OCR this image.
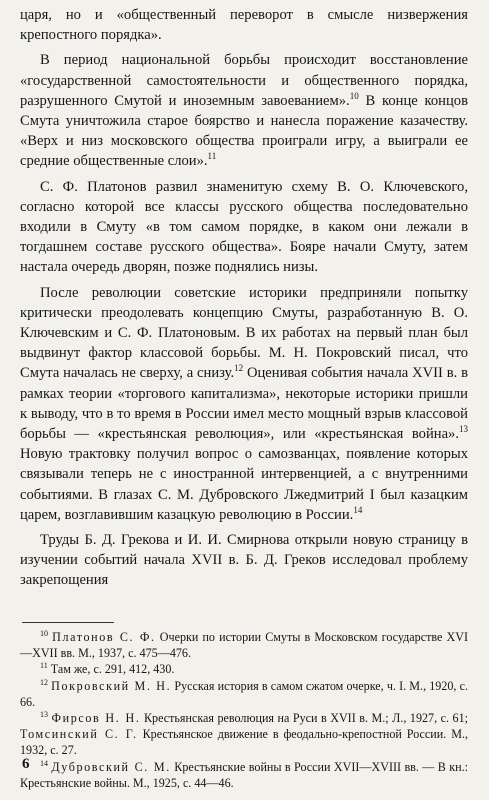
царя, но и «общественный переворот в смысле низвержения крепостного порядка».

В период национальной борьбы происходит восстановление «государственной самостоятельности и общественного порядка, разрушенного Смутой и иноземным завоеванием».$^{10}$ В конце концов Смута уничтожила старое боярство и нанесла поражение казачеству. «Верх и низ московского общества проиграли игру, а выиграли ее средние общественные слои».$^{11}$

С. Ф. Платонов развил знаменитую схему В. О. Ключевского, согласно которой все классы русского общества последовательно входили в Смуту «в том самом порядке, в каком они лежали в тогдашнем составе русского общества». Бояре начали Смуту, затем настала очередь дворян, позже поднялись низы.

После революции советские историки предприняли попытку критически преодолевать концепцию Смуты, разработанную В. О. Ключевским и С. Ф. Платоновым. В их работах на первый план был выдвинут фактор классовой борьбы. М. Н. Покровский писал, что Смута началась не сверху, а снизу.$^{12}$ Оценивая события начала XVII в. в рамках теории «торгового капитализма», некоторые историки пришли к выводу, что в то время в России имел место мощный взрыв классовой борьбы — «крестьянская революция», или «крестьянская война».$^{13}$ Новую трактовку получил вопрос о самозванцах, появление которых связывали теперь не с иностранной интервенцией, а с внутренними событиями. В глазах С. М. Дубровского Лжедмитрий I был казацким царем, возглавившим казацкую революцию в России.$^{14}$

Труды Б. Д. Грекова и И. И. Смирнова открыли новую страницу в изучении событий начала XVII в. Б. Д. Греков исследовал проблему закрепощения

$^{10}$ Платонов С. Ф. Очерки по истории Смуты в Московском государстве XVI—XVII вв. М., 1937, с. 475—476.

$^{11}$ Там же, с. 291, 412, 430.

$^{12}$ Покровский М. Н. Русская история в самом сжатом очерке, ч. I. М., 1920, с. 66.

$^{13}$ Фирсов Н. Н. Крестьянская революция на Руси в XVII в. М.; Л., 1927, с. 61; Томсинский С. Г. Крестьянское движение в феодально-крепостной России. М., 1932, с. 27.

$^{14}$ Дубровский С. М. Крестьянские войны в России XVII—XVIII вв. — В кн.: Крестьянские войны. М., 1925, с. 44—46.

6
